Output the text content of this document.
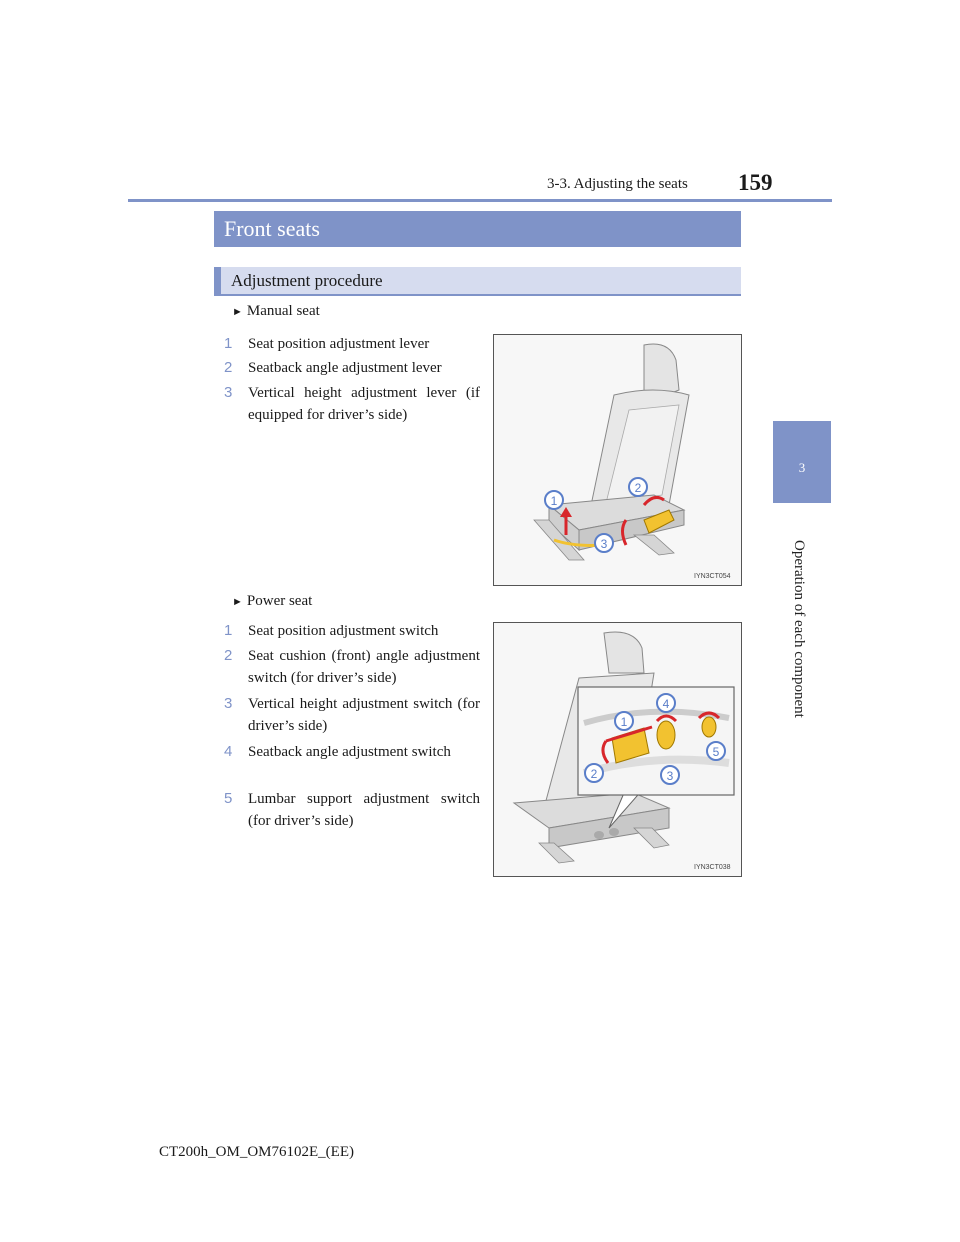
3-3. Adjusting the seats 159
3
Operation of each component
Front seats
Adjustment procedure
► Manual seat
1 Seat position adjustment lever
2 Seatback angle adjustment lever
3 Vertical height adjustment lever (if equipped for driver’s side)
1
2
3
IYN3CT054
► Power seat
1 Seat position adjustment switch
2 Seat cushion (front) angle adjustment switch (for driver’s side)
3 Vertical height adjustment switch (for driver’s side)
4 Seatback angle adjustment switch
5 Lumbar support adjustment switch (for driver’s side)
1
2	3
4
5
IYN3CT038
CT200h_OM_OM76102E_(EE)
